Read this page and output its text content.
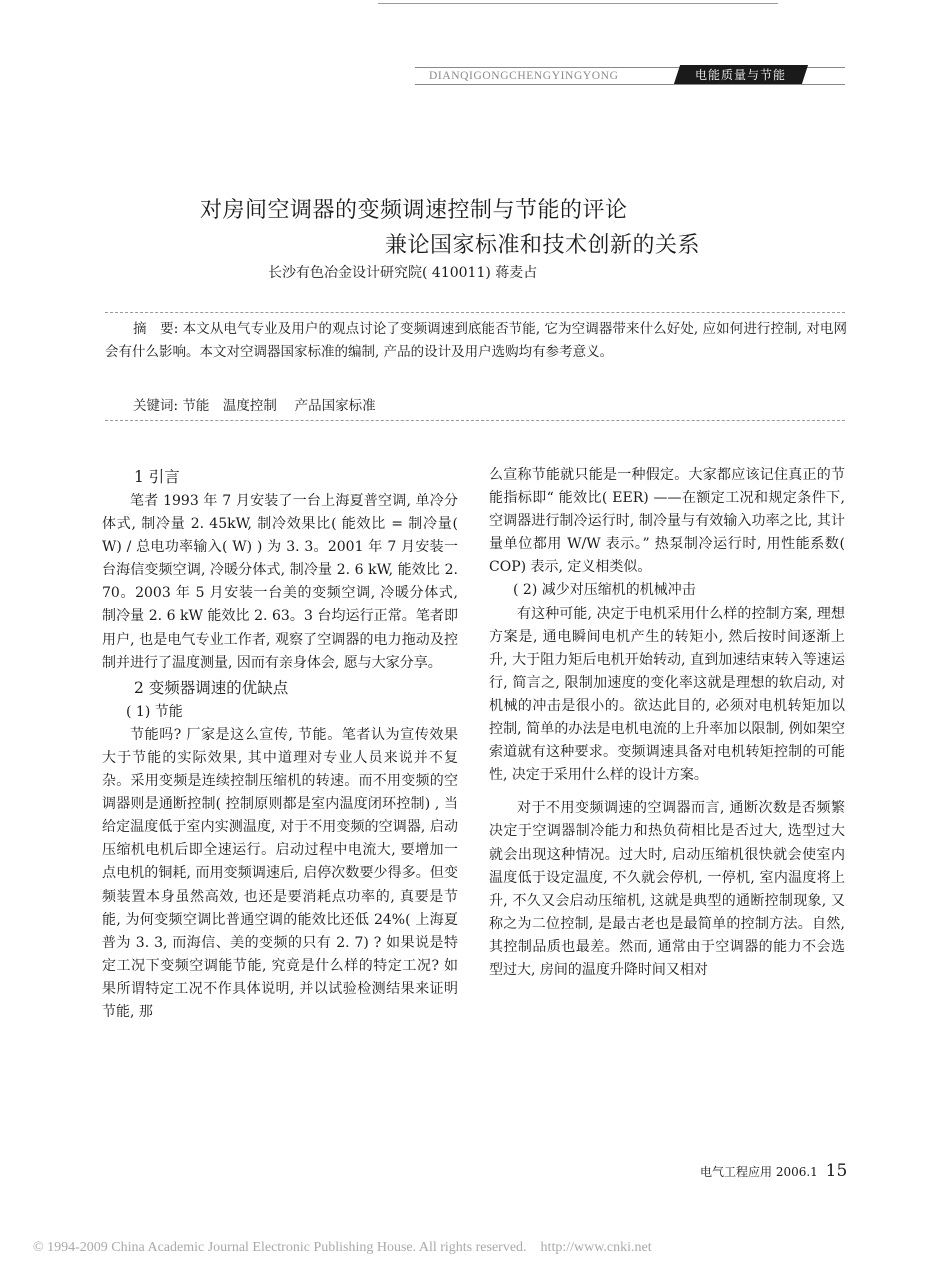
DIANQIGONGCHENGYINGYONG	电能质量与节能
对房间空调器的变频调速控制与节能的评论
兼论国家标准和技术创新的关系
长沙有色冶金设计研究院( 410011) 蒋麦占
摘　要: 本文从电气专业及用户的观点讨论了变频调速到底能否节能, 它为空调器带来什么好处, 应如何进行控制, 对电网会有什么影响。本文对空调器国家标准的编制, 产品的设计及用户选购均有参考意义。
关键词: 节能　温度控制　 产品国家标准
1 引言

笔者 1993 年 7 月安装了一台上海夏普空调, 单冷分体式, 制冷量 2. 45kW, 制冷效果比( 能效比 = 制冷量( W) / 总电功率输入( W) ) 为 3. 3。2001 年 7 月安装一台海信变频空调, 冷暖分体式, 制冷量 2. 6 kW, 能效比 2. 70。2003 年 5 月安装一台美的变频空调, 冷暖分体式, 制冷量 2. 6 kW 能效比 2. 63。3 台均运行正常。笔者即用户, 也是电气专业工作者, 观察了空调器的电力拖动及控制并进行了温度测量, 因而有亲身体会, 愿与大家分享。

2 变频器调速的优缺点
( 1) 节能

节能吗? 厂家是这么宣传, 节能。笔者认为宣传效果大于节能的实际效果, 其中道理对专业人员来说并不复杂。采用变频是连续控制压缩机的转速。而不用变频的空调器则是通断控制( 控制原则都是室内温度闭环控制) , 当给定温度低于室内实测温度, 对于不用变频的空调器, 启动压缩机电机后即全速运行。启动过程中电流大, 要增加一点电机的铜耗, 而用变频调速后, 启停次数要少得多。但变频装置本身虽然高效, 也还是要消耗点功率的, 真要是节能, 为何变频空调比普通空调的能效比还低 24%( 上海夏普为 3. 3, 而海信、美的变频的只有 2. 7) ? 如果说是特定工况下变频空调能节能, 究竟是什么样的特定工况? 如果所谓特定工况不作具体说明, 并以试验检测结果来证明节能, 那

么宣称节能就只能是一种假定。大家都应该记住真正的节能指标即“ 能效比( EER) ——在额定工况和规定条件下, 空调器进行制冷运行时, 制冷量与有效输入功率之比, 其计量单位都用 W/W 表示。” 热泵制冷运行时, 用性能系数( COP) 表示, 定义相类似。

( 2) 减少对压缩机的机械冲击

有这种可能, 决定于电机采用什么样的控制方案, 理想方案是, 通电瞬间电机产生的转矩小, 然后按时间逐渐上升, 大于阻力矩后电机开始转动, 直到加速结束转入等速运行, 简言之, 限制加速度的变化率这就是理想的软启动, 对机械的冲击是很小的。欲达此目的, 必须对电机转矩加以控制, 简单的办法是电机电流的上升率加以限制, 例如架空索道就有这种要求。变频调速具备对电机转矩控制的可能性, 决定于采用什么样的设计方案。

对于不用变频调速的空调器而言, 通断次数是否频繁决定于空调器制冷能力和热负荷相比是否过大, 选型过大就会出现这种情况。过大时, 启动压缩机很快就会使室内温度低于设定温度, 不久就会停机, 一停机, 室内温度将上升, 不久又会启动压缩机, 这就是典型的通断控制现象, 又称之为二位控制, 是最古老也是最简单的控制方法。自然, 其控制品质也最差。然而, 通常由于空调器的能力不会选型过大, 房间的温度升降时间又相对

电气工程应用 2006.1 15
© 1994-2009 China Academic Journal Electronic Publishing House. All rights reserved.    http://www.cnki.net
